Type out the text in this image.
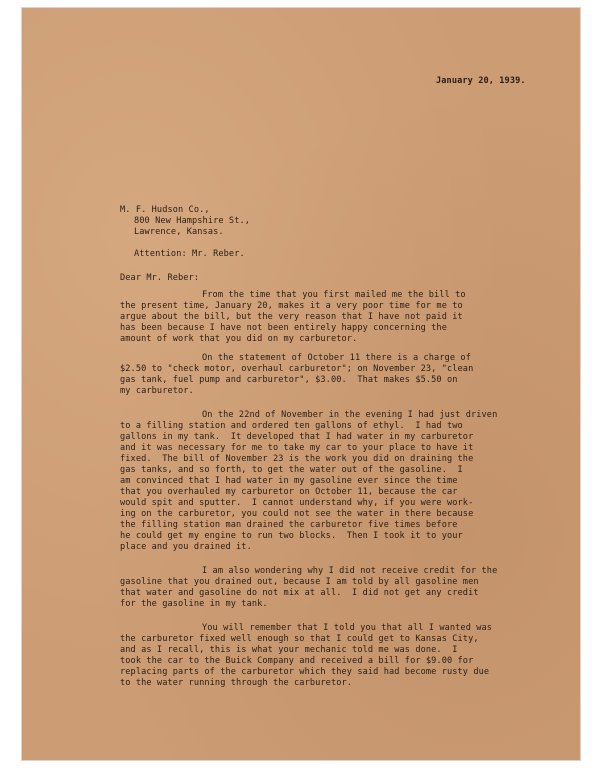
January 20, 1939.
M. F. Hudson Co.,
800 New Hampshire St.,
Lawrence, Kansas.
Attention: Mr. Reber.
Dear Mr. Reber:
From the time that you first mailed me the bill to
the present time, January 20, makes it a very poor time for me to
argue about the bill, but the very reason that I have not paid it
has been because I have not been entirely happy concerning the
amount of work that you did on my carburetor.
On the statement of October 11 there is a charge of
$2.50 to "check motor, overhaul carburetor"; on November 23, "clean
gas tank, fuel pump and carburetor", $3.00.  That makes $5.50 on
my carburetor.
On the 22nd of November in the evening I had just driven
to a filling station and ordered ten gallons of ethyl.  I had two
gallons in my tank.  It developed that I had water in my carburetor
and it was necessary for me to take my car to your place to have it
fixed.  The bill of November 23 is the work you did on draining the
gas tanks, and so forth, to get the water out of the gasoline.  I
am convinced that I had water in my gasoline ever since the time
that you overhauled my carburetor on October 11, because the car
would spit and sputter.  I cannot understand why, if you were work-
ing on the carburetor, you could not see the water in there because
the filling station man drained the carburetor five times before
he could get my engine to run two blocks.  Then I took it to your
place and you drained it.
I am also wondering why I did not receive credit for the
gasoline that you drained out, because I am told by all gasoline men
that water and gasoline do not mix at all.  I did not get any credit
for the gasoline in my tank.
You will remember that I told you that all I wanted was
the carburetor fixed well enough so that I could get to Kansas City,
and as I recall, this is what your mechanic told me was done.  I
took the car to the Buick Company and received a bill for $9.00 for
replacing parts of the carburetor which they said had become rusty due
to the water running through the carburetor.
